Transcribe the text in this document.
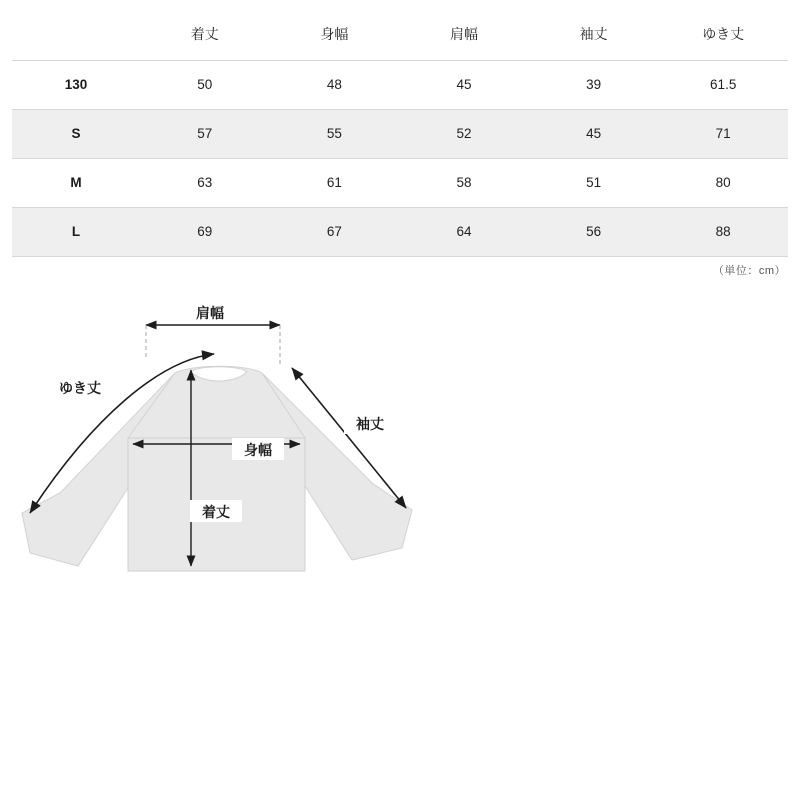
	着丈	身幅	肩幅	袖丈	ゆき丈
130	50	48	45	39	61.5
S	57	55	52	45	71
M	63	61	58	51	80
L	69	67	64	56	88
（単位：cm）
肩幅
ゆき丈
袖丈
身幅
着丈
